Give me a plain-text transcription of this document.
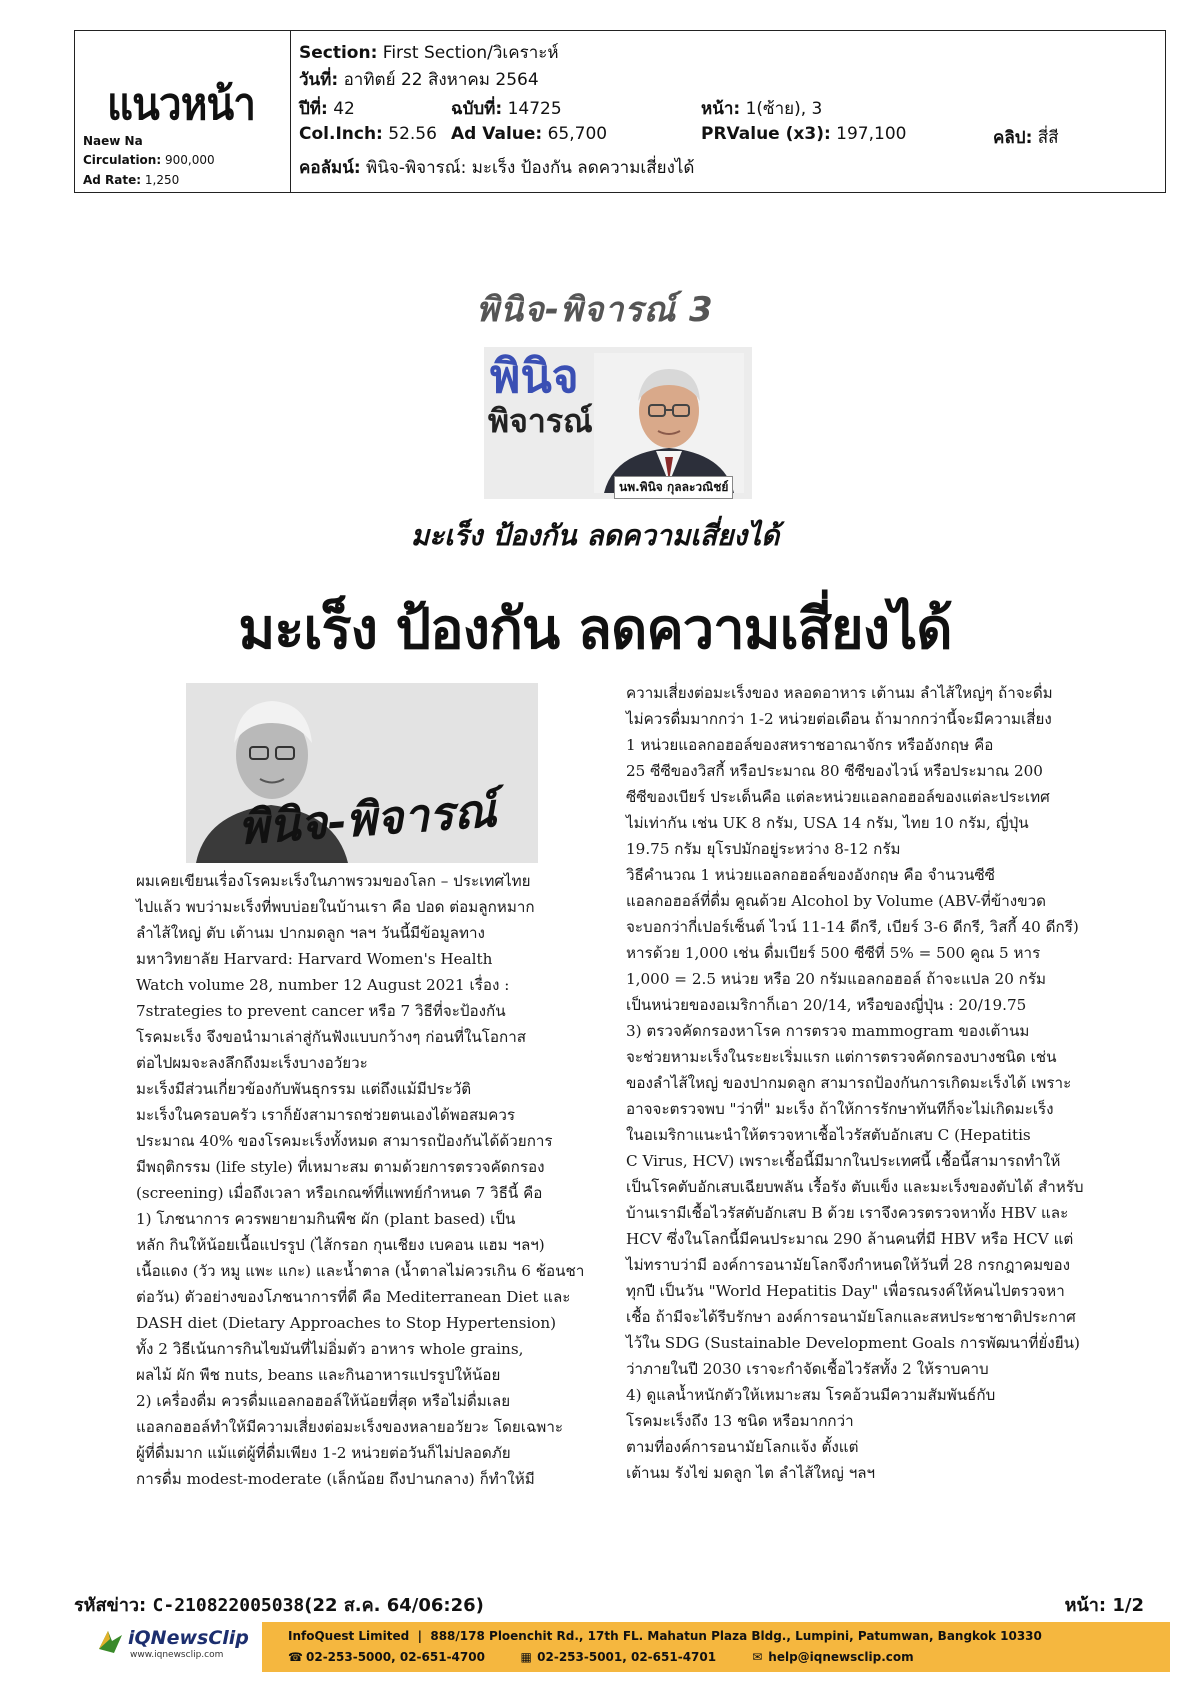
แนวหน้า
Naew Na
Circulation: 900,000
Ad Rate: 1,250
Section: First Section/วิเคราะห์
วันที่: อาทิตย์ 22 สิงหาคม 2564
ปีที่: 42	ฉบับที่: 14725	หน้า: 1(ซ้าย), 3
Col.Inch: 52.56 Ad Value: 65,700	PRValue (x3): 197,100	คลิป: สี่สี
คอลัมน์: พินิจ-พิจารณ์: มะเร็ง ป้องกัน ลดความเสี่ยงได้
พินิจ-พิจารณ์ 3
พินิจ
พิจารณ์
นพ.พินิจ กุลละวณิชย์
มะเร็ง ป้องกัน ลดความเสี่ยงได้
มะเร็ง ป้องกัน ลดความเสี่ยงได้
พินิจ-พิจารณ์

ผมเคยเขียนเรื่องโรคมะเร็งในภาพรวมของโลก – ประเทศไทย

ไปแล้ว พบว่ามะเร็งที่พบบ่อยในบ้านเรา คือ ปอด ต่อมลูกหมาก

ลำไส้ใหญ่ ตับ เต้านม ปากมดลูก ฯลฯ วันนี้มีข้อมูลทาง

มหาวิทยาลัย Harvard: Harvard Women's Health

Watch volume 28, number 12 August 2021 เรื่อง :

7strategies to prevent cancer หรือ 7 วิธีที่จะป้องกัน

โรคมะเร็ง จึงขอนำมาเล่าสู่กันฟังแบบกว้างๆ ก่อนที่ในโอกาส

ต่อไปผมจะลงลึกถึงมะเร็งบางอวัยวะ

มะเร็งมีส่วนเกี่ยวข้องกับพันธุกรรม แต่ถึงแม้มีประวัติ

มะเร็งในครอบครัว เราก็ยังสามารถช่วยตนเองได้พอสมควร

ประมาณ 40% ของโรคมะเร็งทั้งหมด สามารถป้องกันได้ด้วยการ

มีพฤติกรรม (life style) ที่เหมาะสม ตามด้วยการตรวจคัดกรอง

(screening) เมื่อถึงเวลา หรือเกณฑ์ที่แพทย์กำหนด 7 วิธีนี้ คือ

1) โภชนาการ ควรพยายามกินพืช ผัก (plant based) เป็น

หลัก กินให้น้อยเนื้อแปรรูป (ไส้กรอก กุนเชียง เบคอน แฮม ฯลฯ)

เนื้อแดง (วัว หมู แพะ แกะ) และน้ำตาล (น้ำตาลไม่ควรเกิน 6 ช้อนชา

ต่อวัน) ตัวอย่างของโภชนาการที่ดี คือ Mediterranean Diet และ

DASH diet (Dietary Approaches to Stop Hypertension)

ทั้ง 2 วิธีเน้นการกินไขมันที่ไม่อิ่มตัว อาหาร whole grains,

ผลไม้ ผัก พืช nuts, beans และกินอาหารแปรรูปให้น้อย

2) เครื่องดื่ม ควรดื่มแอลกอฮอล์ให้น้อยที่สุด หรือไม่ดื่มเลย

แอลกอฮอล์ทำให้มีความเสี่ยงต่อมะเร็งของหลายอวัยวะ โดยเฉพาะ

ผู้ที่ดื่มมาก แม้แต่ผู้ที่ดื่มเพียง 1-2 หน่วยต่อวันก็ไม่ปลอดภัย

การดื่ม modest-moderate (เล็กน้อย ถึงปานกลาง) ก็ทำให้มี

ความเสี่ยงต่อมะเร็งของ หลอดอาหาร เต้านม ลำไส้ใหญ่ๆ ถ้าจะดื่ม

ไม่ควรดื่มมากกว่า 1-2 หน่วยต่อเดือน ถ้ามากกว่านี้จะมีความเสี่ยง

1 หน่วยแอลกอฮอล์ของสหราชอาณาจักร หรืออังกฤษ คือ

25 ซีซีของวิสกี้ หรือประมาณ 80 ซีซีของไวน์ หรือประมาณ 200

ซีซีของเบียร์ ประเด็นคือ แต่ละหน่วยแอลกอฮอล์ของแต่ละประเทศ

ไม่เท่ากัน เช่น UK 8 กรัม, USA 14 กรัม, ไทย 10 กรัม, ญี่ปุ่น

19.75 กรัม ยุโรปมักอยู่ระหว่าง 8-12 กรัม

วิธีคำนวณ 1 หน่วยแอลกอฮอล์ของอังกฤษ คือ จำนวนซีซี

แอลกอฮอล์ที่ดื่ม คูณด้วย Alcohol by Volume (ABV-ที่ข้างขวด

จะบอกว่ากี่เปอร์เซ็นต์ ไวน์ 11-14 ดีกรี, เบียร์ 3-6 ดีกรี, วิสกี้ 40 ดีกรี)

หารด้วย 1,000 เช่น ดื่มเบียร์ 500 ซีซีที่ 5% = 500 คูณ 5 หาร

1,000 = 2.5 หน่วย หรือ 20 กรัมแอลกอฮอล์ ถ้าจะแปล 20 กรัม

เป็นหน่วยของอเมริกาก็เอา 20/14, หรือของญี่ปุ่น : 20/19.75

3) ตรวจคัดกรองหาโรค การตรวจ mammogram ของเต้านม

จะช่วยหามะเร็งในระยะเริ่มแรก แต่การตรวจคัดกรองบางชนิด เช่น

ของลำไส้ใหญ่ ของปากมดลูก สามารถป้องกันการเกิดมะเร็งได้ เพราะ

อาจจะตรวจพบ "ว่าที่" มะเร็ง ถ้าให้การรักษาทันทีก็จะไม่เกิดมะเร็ง

ในอเมริกาแนะนำให้ตรวจหาเชื้อไวรัสตับอักเสบ C (Hepatitis

C Virus, HCV) เพราะเชื้อนี้มีมากในประเทศนี้ เชื้อนี้สามารถทำให้

เป็นโรคตับอักเสบเฉียบพลัน เรื้อรัง ตับแข็ง และมะเร็งของตับได้ สำหรับ

บ้านเรามีเชื้อไวรัสตับอักเสบ B ด้วย เราจึงควรตรวจหาทั้ง HBV และ

HCV ซึ่งในโลกนี้มีคนประมาณ 290 ล้านคนที่มี HBV หรือ HCV แต่

ไม่ทราบว่ามี องค์การอนามัยโลกจึงกำหนดให้วันที่ 28 กรกฎาคมของ

ทุกปี เป็นวัน "World Hepatitis Day" เพื่อรณรงค์ให้คนไปตรวจหา

เชื้อ ถ้ามีจะได้รีบรักษา องค์การอนามัยโลกและสหประชาชาติประกาศ

ไว้ใน SDG (Sustainable Development Goals การพัฒนาที่ยั่งยืน)

ว่าภายในปี 2030 เราจะกำจัดเชื้อไวรัสทั้ง 2 ให้ราบคาบ

4) ดูแลน้ำหนักตัวให้เหมาะสม โรคอ้วนมีความสัมพันธ์กับ

โรคมะเร็งถึง 13 ชนิด หรือมากกว่า

ตามที่องค์การอนามัยโลกแจ้ง ตั้งแต่

เต้านม รังไข่ มดลูก ไต ลำไส้ใหญ่ ฯลฯ

รหัสข่าว: C-210822005038(22 ส.ค. 64/06:26)	หน้า: 1/2
iQNewsClip
www.iqnewsclip.com
InfoQuest Limited  |  888/178 Ploenchit Rd., 17th FL. Mahatun Plaza Bldg., Lumpini, Patumwan, Bangkok 10330
☎ 02-253-5000, 02-651-4700	▦ 02-253-5001, 02-651-4701	✉ help@iqnewsclip.com
